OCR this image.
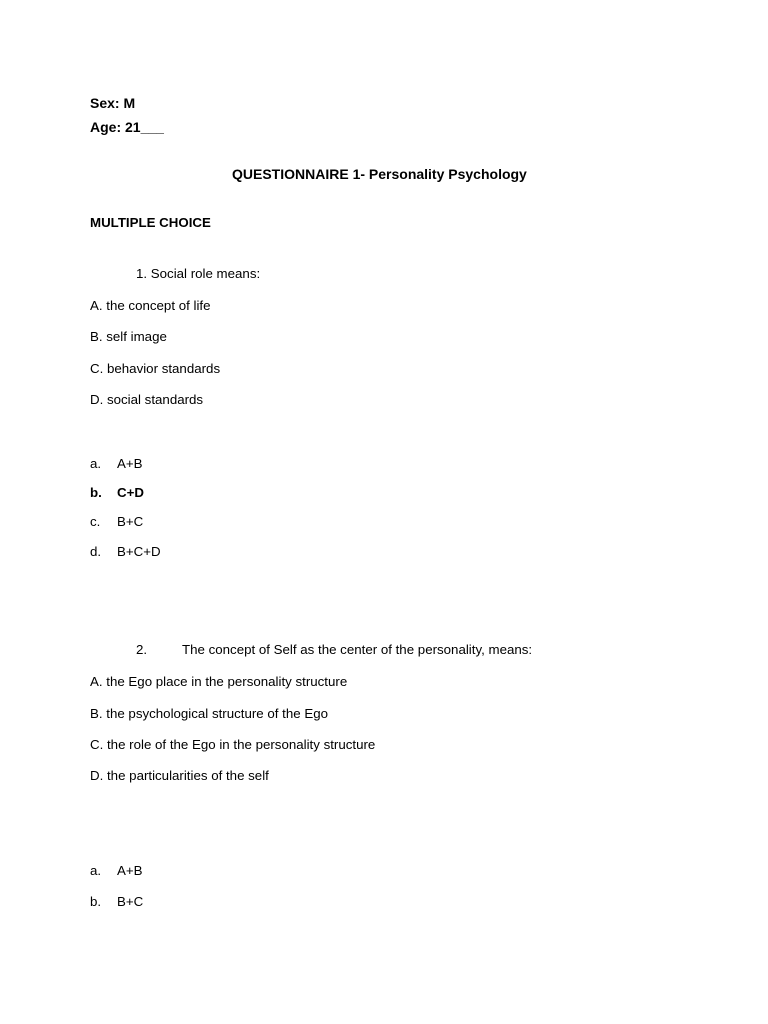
Sex: M
Age: 21___
QUESTIONNAIRE 1- Personality Psychology
MULTIPLE CHOICE
1. Social role means:
A. the concept of life
B. self image
C. behavior standards
D. social standards
a. A+B
b. C+D
c. B+C
d. B+C+D
2.	The concept of Self as the center of the personality, means:
A. the Ego place in the personality structure
B. the psychological structure of the Ego
C. the role of the Ego in the personality structure
D. the particularities of the self
a. A+B
b. B+C
